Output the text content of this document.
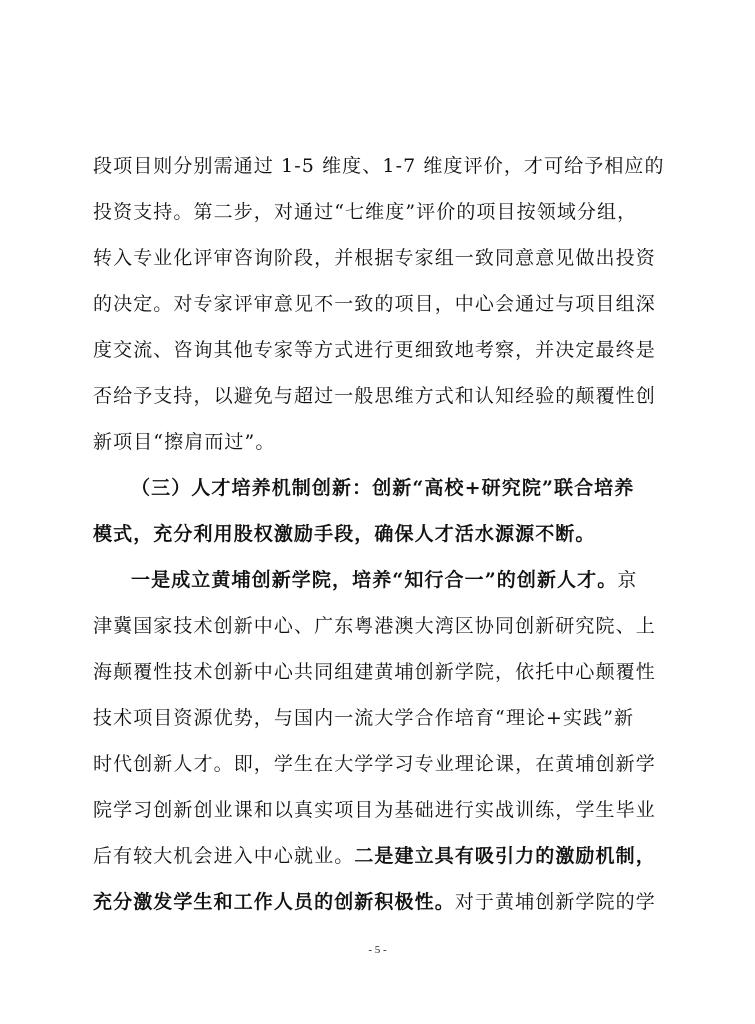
段项目则分别需通过 1-5 维度、1-7 维度评价，才可给予相应的
投资支持。第二步，对通过“七维度”评价的项目按领域分组，
转入专业化评审咨询阶段，并根据专家组一致同意意见做出投资
的决定。对专家评审意见不一致的项目，中心会通过与项目组深
度交流、咨询其他专家等方式进行更细致地考察，并决定最终是
否给予支持，以避免与超过一般思维方式和认知经验的颠覆性创
新项目“擦肩而过”。
（三）人才培养机制创新：创新“高校+研究院”联合培养
模式，充分利用股权激励手段，确保人才活水源源不断。
一是成立黄埔创新学院，培养“知行合一”的创新人才。京
津冀国家技术创新中心、广东粤港澳大湾区协同创新研究院、上
海颠覆性技术创新中心共同组建黄埔创新学院，依托中心颠覆性
技术项目资源优势，与国内一流大学合作培育“理论+实践”新
时代创新人才。即，学生在大学学习专业理论课，在黄埔创新学
院学习创新创业课和以真实项目为基础进行实战训练，学生毕业
后有较大机会进入中心就业。二是建立具有吸引力的激励机制，
充分激发学生和工作人员的创新积极性。对于黄埔创新学院的学
- 5 -
